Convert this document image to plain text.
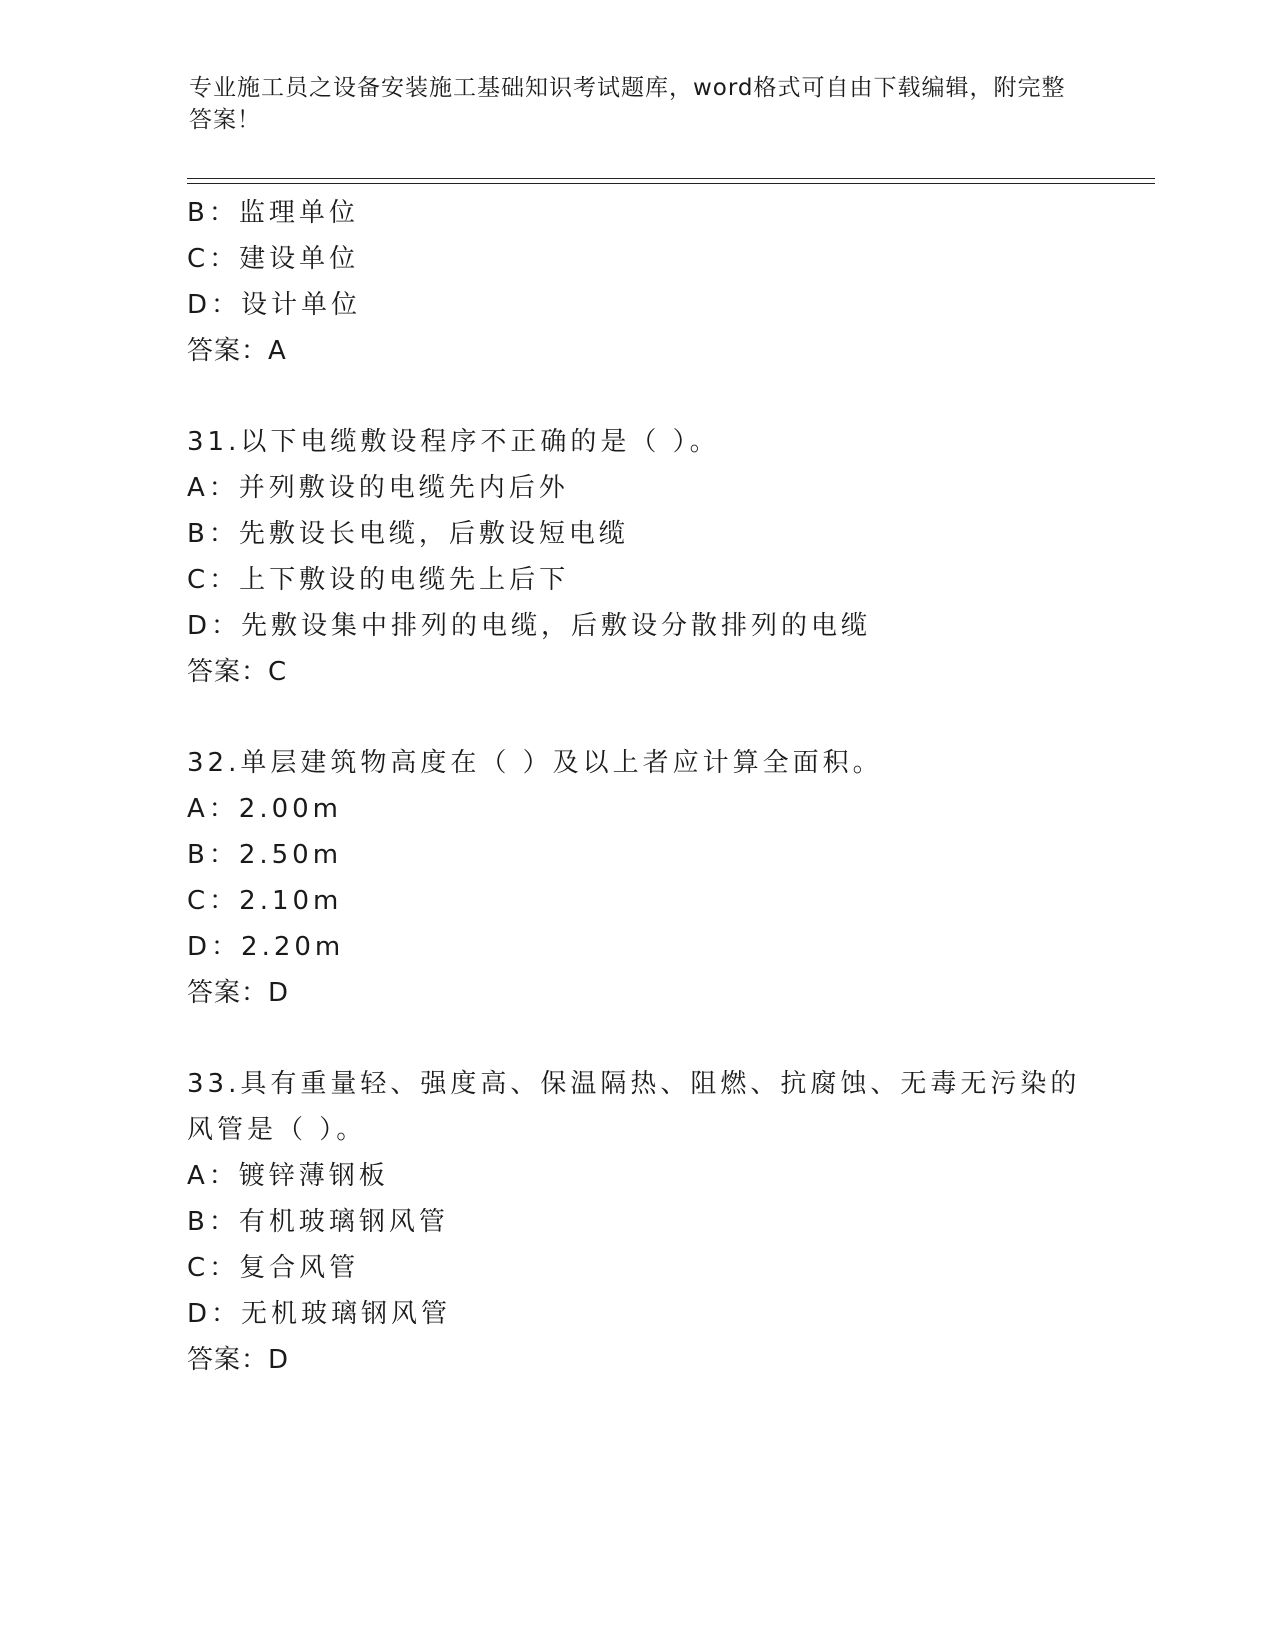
专业施工员之设备安装施工基础知识考试题库，word格式可自由下载编辑，附完整答案！
B：监理单位
C：建设单位
D：设计单位
答案：A
31.以下电缆敷设程序不正确的是（ ）。
A：并列敷设的电缆先内后外
B：先敷设长电缆，后敷设短电缆
C：上下敷设的电缆先上后下
D：先敷设集中排列的电缆，后敷设分散排列的电缆
答案：C
32.单层建筑物高度在（ ）及以上者应计算全面积。
A：2.00m
B：2.50m
C：2.10m
D：2.20m
答案：D
33.具有重量轻、强度高、保温隔热、阻燃、抗腐蚀、无毒无污染的风管是（ ）。
A：镀锌薄钢板
B：有机玻璃钢风管
C：复合风管
D：无机玻璃钢风管
答案：D
